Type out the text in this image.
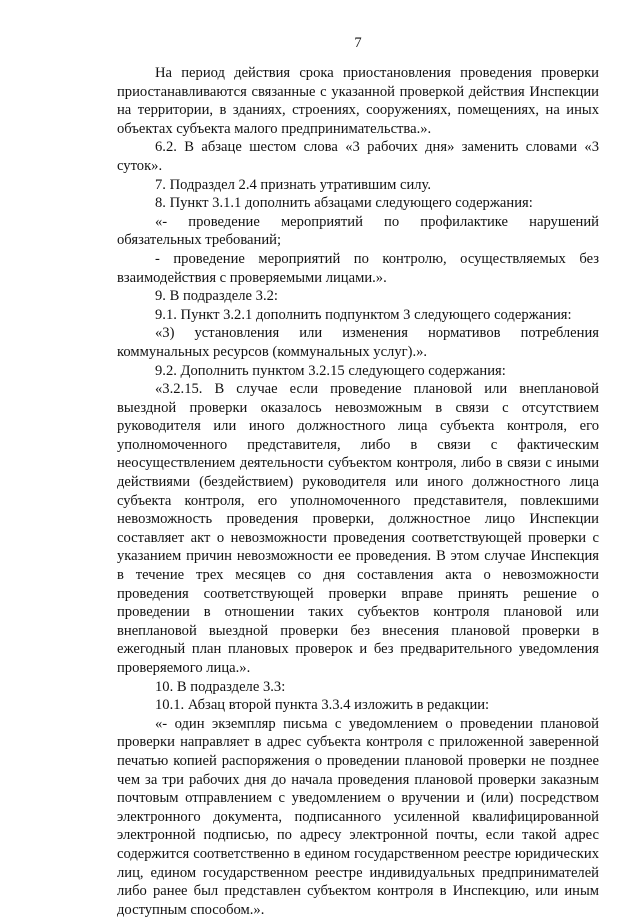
7

На период действия срока приостановления проведения проверки приостанавливаются связанные с указанной проверкой действия Инспекции на территории, в зданиях, строениях, сооружениях, помещениях, на иных объектах субъекта малого предпринимательства.».

6.2. В абзаце шестом слова «3 рабочих дня» заменить словами «3 суток».

7. Подраздел 2.4 признать утратившим силу.

8. Пункт 3.1.1 дополнить абзацами следующего содержания:

«- проведение мероприятий по профилактике нарушений обязательных требований;

- проведение мероприятий по контролю, осуществляемых без взаимодействия с проверяемыми лицами.».

9. В подразделе 3.2:

9.1. Пункт 3.2.1 дополнить подпунктом 3 следующего содержания:

«3) установления или изменения нормативов потребления коммунальных ресурсов (коммунальных услуг).».

9.2. Дополнить пунктом 3.2.15 следующего содержания:

«3.2.15. В случае если проведение плановой или внеплановой выездной проверки оказалось невозможным в связи с отсутствием руководителя или иного должностного лица субъекта контроля, его уполномоченного представителя, либо в связи с фактическим неосуществлением деятельности субъектом контроля, либо в связи с иными действиями (бездействием) руководителя или иного должностного лица субъекта контроля, его уполномоченного представителя, повлекшими невозможность проведения проверки, должностное лицо Инспекции составляет акт о невозможности проведения соответствующей проверки с указанием причин невозможности ее проведения. В этом случае Инспекция в течение трех месяцев со дня составления акта о невозможности проведения соответствующей проверки вправе принять решение о проведении в отношении таких субъектов контроля плановой или внеплановой выездной проверки без внесения плановой проверки в ежегодный план плановых проверок и без предварительного уведомления проверяемого лица.».

10. В подразделе 3.3:

10.1. Абзац второй пункта 3.3.4 изложить в редакции:

«- один экземпляр письма с уведомлением о проведении плановой проверки направляет в адрес субъекта контроля с приложенной заверенной печатью копией распоряжения о проведении плановой проверки не позднее чем за три рабочих дня до начала проведения плановой проверки заказным почтовым отправлением с уведомлением о вручении и (или) посредством электронного документа, подписанного усиленной квалифицированной электронной подписью, по адресу электронной почты, если такой адрес содержится соответственно в едином государственном реестре юридических лиц, едином государственном реестре индивидуальных предпринимателей либо ранее был представлен субъектом контроля в Инспекцию, или иным доступным способом.».
